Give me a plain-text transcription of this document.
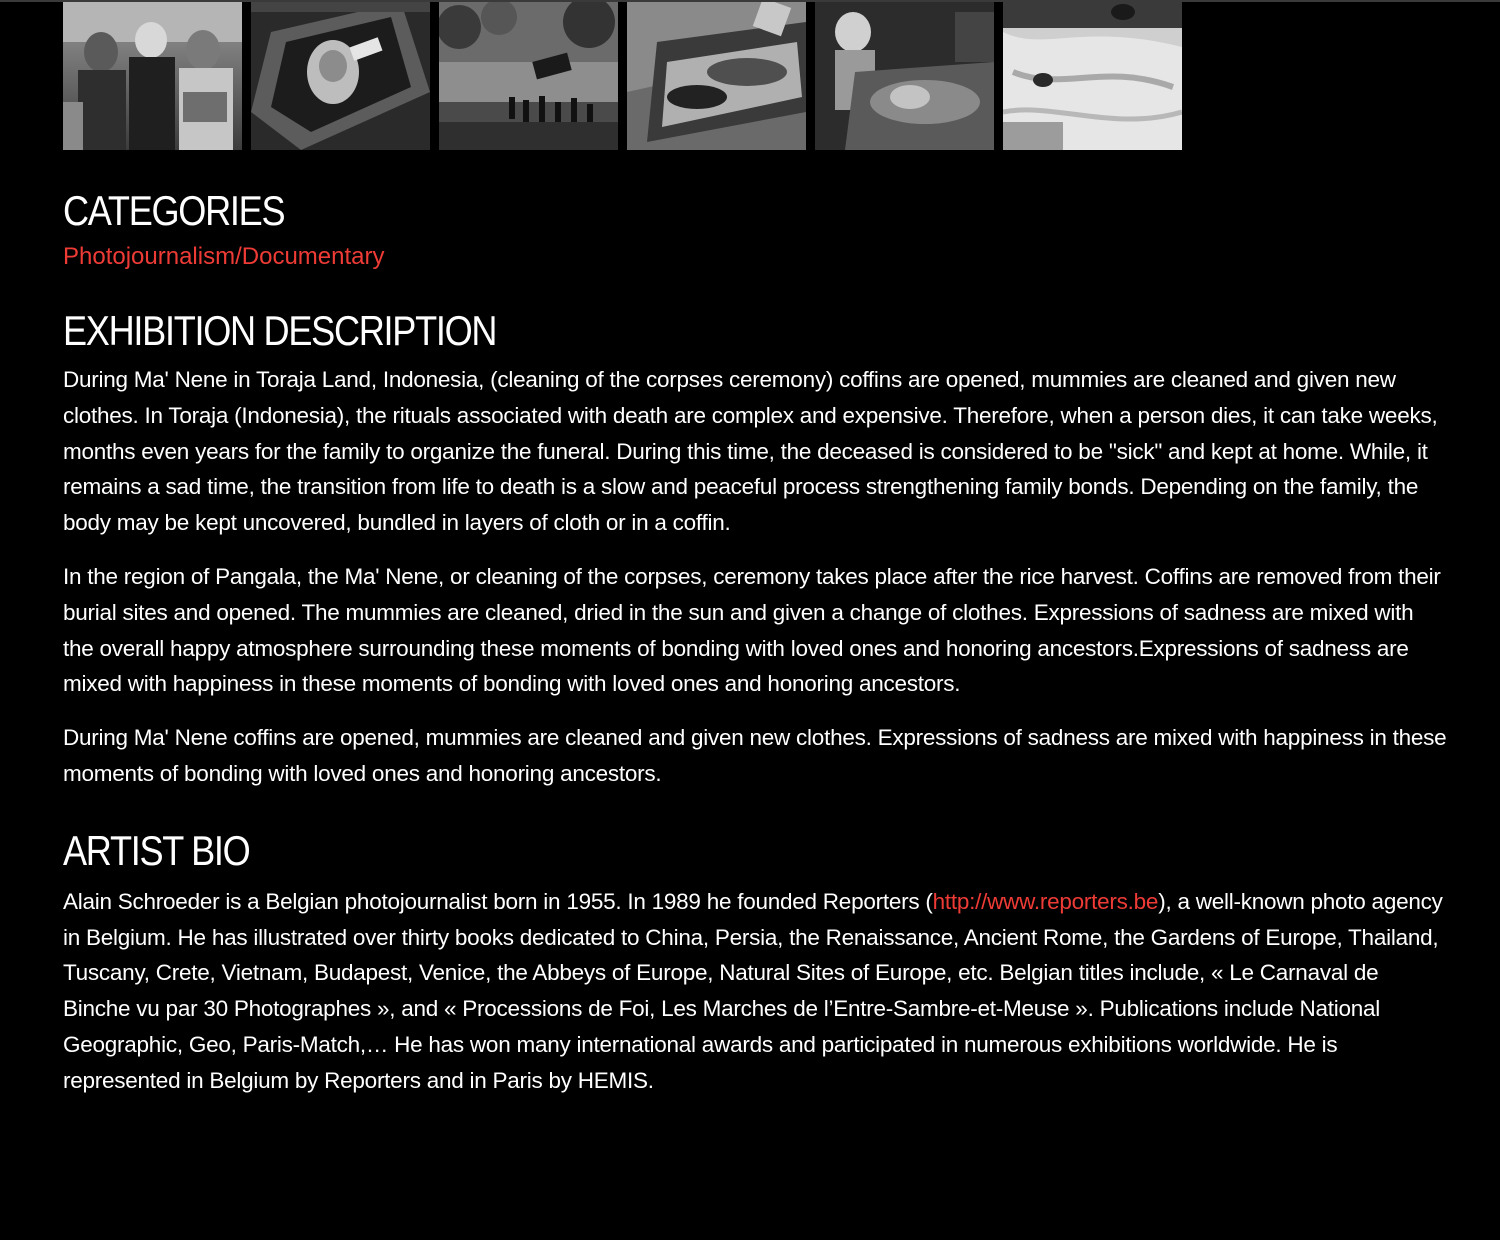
CATEGORIES
Photojournalism/Documentary
EXHIBITION DESCRIPTION

During Ma' Nene in Toraja Land, Indonesia, (cleaning of the corpses ceremony) coffins are opened, mummies are cleaned and given new clothes. In Toraja (Indonesia), the rituals associated with death are complex and expensive. Therefore, when a person dies, it can take weeks, months even years for the family to organize the funeral. During this time, the deceased is considered to be "sick" and kept at home. While, it remains a sad time, the transition from life to death is a slow and peaceful process strengthening family bonds. Depending on the family, the body may be kept uncovered, bundled in layers of cloth or in a coffin.

In the region of Pangala, the Ma' Nene, or cleaning of the corpses, ceremony takes place after the rice harvest. Coffins are removed from their burial sites and opened. The mummies are cleaned, dried in the sun and given a change of clothes. Expressions of sadness are mixed with the overall happy atmosphere surrounding these moments of bonding with loved ones and honoring ancestors.Expressions of sadness are mixed with happiness in these moments of bonding with loved ones and honoring ancestors.

During Ma' Nene coffins are opened, mummies are cleaned and given new clothes. Expressions of sadness are mixed with happiness in these moments of bonding with loved ones and honoring ancestors.

ARTIST BIO

Alain Schroeder is a Belgian photojournalist born in 1955. In 1989 he founded Reporters (http://www.reporters.be), a well-known photo agency in Belgium. He has illustrated over thirty books dedicated to China, Persia, the Renaissance, Ancient Rome, the Gardens of Europe, Thailand, Tuscany, Crete, Vietnam, Budapest, Venice, the Abbeys of Europe, Natural Sites of Europe, etc. Belgian titles include, « Le Carnaval de Binche vu par 30 Photographes », and « Processions de Foi, Les Marches de l’Entre-Sambre-et-Meuse ». Publications include National Geographic, Geo, Paris-Match,… He has won many international awards and participated in numerous exhibitions worldwide. He is represented in Belgium by Reporters and in Paris by HEMIS.
